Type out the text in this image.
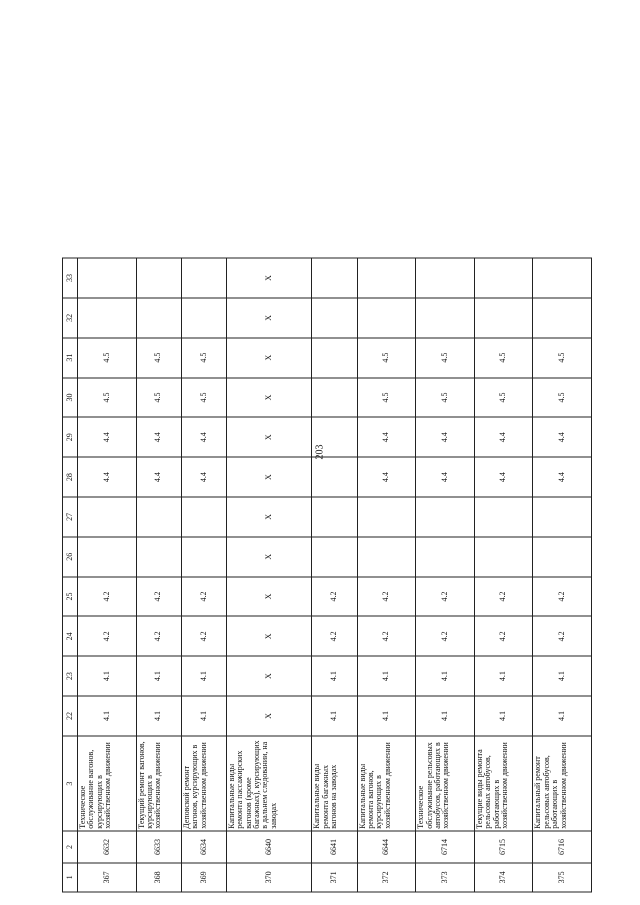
203
1	2	3	22	23	24	25	26	27	28	29	30	31	32	33
367	6632	Техническое обслуживание вагонов, курсирующих в хозяйственном движении	4.1	4.1	4.2	4.2			4.4	4.4	4.5	4.5		
368	6633	Текущий ремонт вагонов, курсирующих в хозяйственном движении	4.1	4.1	4.2	4.2			4.4	4.4	4.5	4.5		
369	6634	Деповской ремонт вагонов, курсирующих в хозяйственном движении	4.1	4.1	4.2	4.2			4.4	4.4	4.5	4.5		
370	6640	Капитальные виды ремонта пассажирских вагонов (кроме багажных), курсирующих в дальнем следовании, на заводах	X	X	X	X	X	X	X	X	X	X	X	X
371	6641	Капитальные виды ремонта багажных вагонов на заводах	4.1	4.1	4.2	4.2								
372	6644	Капитальные виды ремонта вагонов, курсирующих в хозяйственном движении	4.1	4.1	4.2	4.2			4.4	4.4	4.5	4.5		
373	6714	Техническое обслуживание рельсовых автобусов, работающих в хозяйственном движении	4.1	4.1	4.2	4.2			4.4	4.4	4.5	4.5		
374	6715	Текущие виды ремонта рельсовых автобусов, работающих в хозяйственном движении	4.1	4.1	4.2	4.2			4.4	4.4	4.5	4.5		
375	6716	Капитальный ремонт рельсовых автобусов, работающих в хозяйственном движении	4.1	4.1	4.2	4.2			4.4	4.4	4.5	4.5		
